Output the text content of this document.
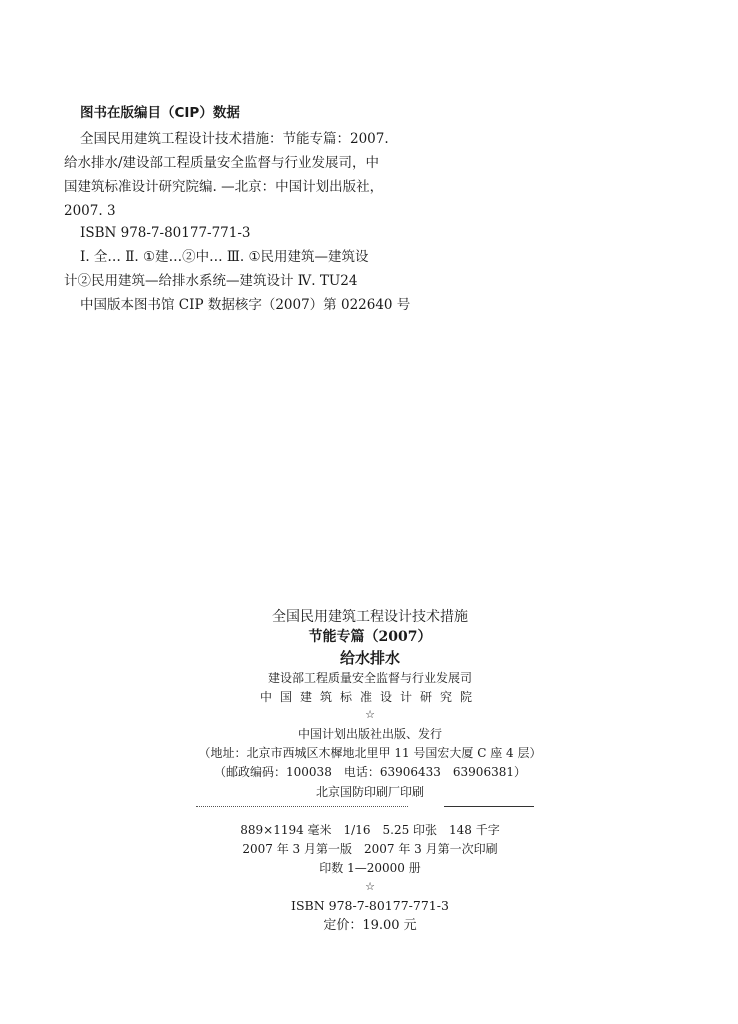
图书在版编目（CIP）数据
全国民用建筑工程设计技术措施：节能专篇：2007.
给水排水/建设部工程质量安全监督与行业发展司，中
国建筑标准设计研究院编. —北京：中国计划出版社，
2007. 3
ISBN 978-7-80177-771-3
Ⅰ. 全… Ⅱ. ①建…②中… Ⅲ. ①民用建筑—建筑设
计②民用建筑—给排水系统—建筑设计 Ⅳ. TU24
中国版本图书馆 CIP 数据核字（2007）第 022640 号
全国民用建筑工程设计技术措施
节能专篇（2007）
给水排水
建设部工程质量安全监督与行业发展司
中国建筑标准设计研究院
☆
中国计划出版社出版、发行
（地址：北京市西城区木樨地北里甲 11 号国宏大厦 C 座 4 层）
（邮政编码：100038　电话：63906433　63906381）
北京国防印刷厂印刷
889×1194 毫米　1/16　5.25 印张　148 千字
2007 年 3 月第一版　2007 年 3 月第一次印刷
印数 1—20000 册
☆
ISBN 978-7-80177-771-3
定价：19.00 元
